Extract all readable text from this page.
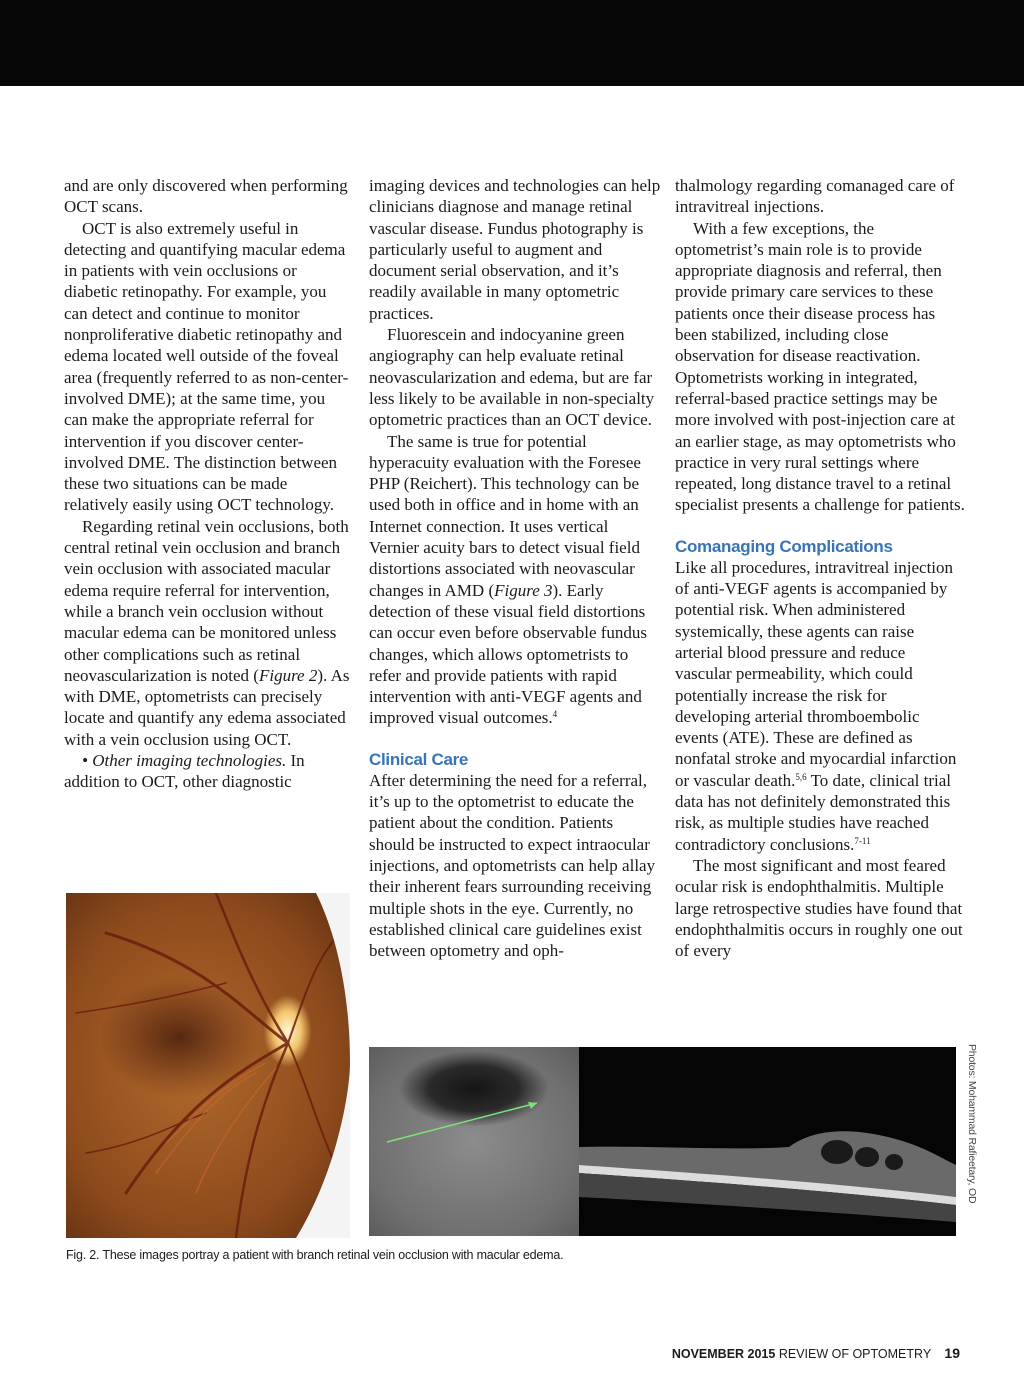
and are only discovered when performing OCT scans.

OCT is also extremely useful in detecting and quantifying macular edema in patients with vein occlusions or diabetic retinopathy. For example, you can detect and continue to monitor nonproliferative diabetic retinopathy and edema located well outside of the foveal area (frequently referred to as non-center-involved DME); at the same time, you can make the appropriate referral for intervention if you discover center-involved DME. The distinction between these two situations can be made relatively easily using OCT technology.

Regarding retinal vein occlusions, both central retinal vein occlusion and branch vein occlusion with associated macular edema require referral for intervention, while a branch vein occlusion without macular edema can be monitored unless other complications such as retinal neovascularization is noted (Figure 2). As with DME, optometrists can precisely locate and quantify any edema associated with a vein occlusion using OCT.

• Other imaging technologies. In addition to OCT, other diagnostic

imaging devices and technologies can help clinicians diagnose and manage retinal vascular disease. Fundus photography is particularly useful to augment and document serial observation, and it’s readily available in many optometric practices.

Fluorescein and indocyanine green angiography can help evaluate retinal neovascularization and edema, but are far less likely to be available in non-specialty optometric practices than an OCT device.

The same is true for potential hyperacuity evaluation with the Foresee PHP (Reichert). This technology can be used both in office and in home with an Internet connection. It uses vertical Vernier acuity bars to detect visual field distortions associated with neovascular changes in AMD (Figure 3). Early detection of these visual field distortions can occur even before observable fundus changes, which allows optometrists to refer and provide patients with rapid intervention with anti-VEGF agents and improved visual outcomes.$^4$

Clinical Care

After determining the need for a referral, it’s up to the optometrist to educate the patient about the condition. Patients should be instructed to expect intraocular injections, and optometrists can help allay their inherent fears surrounding receiving multiple shots in the eye. Currently, no established clinical care guidelines exist between optometry and oph-

thalmology regarding comanaged care of intravitreal injections.

With a few exceptions, the optometrist’s main role is to provide appropriate diagnosis and referral, then provide primary care services to these patients once their disease process has been stabilized, including close observation for disease reactivation. Optometrists working in integrated, referral-based practice settings may be more involved with post-injection care at an earlier stage, as may optometrists who practice in very rural settings where repeated, long distance travel to a retinal specialist presents a challenge for patients.

Comanaging Complications

Like all procedures, intravitreal injection of anti-VEGF agents is accompanied by potential risk. When administered systemically, these agents can raise arterial blood pressure and reduce vascular permeability, which could potentially increase the risk for developing arterial thromboembolic events (ATE). These are defined as nonfatal stroke and myocardial infarction or vascular death.$^{5,6}$ To date, clinical trial data has not definitely demonstrated this risk, as multiple studies have reached contradictory conclusions.$^{7-11}$

The most significant and most feared ocular risk is endophthalmitis. Multiple large retrospective studies have found that endophthalmitis occurs in roughly one out of every

Photos: Mohammad Rafieetary, OD
Fig. 2. These images portray a patient with branch retinal vein occlusion with macular edema.
NOVEMBER 2015 REVIEW OF OPTOMETRY 19
